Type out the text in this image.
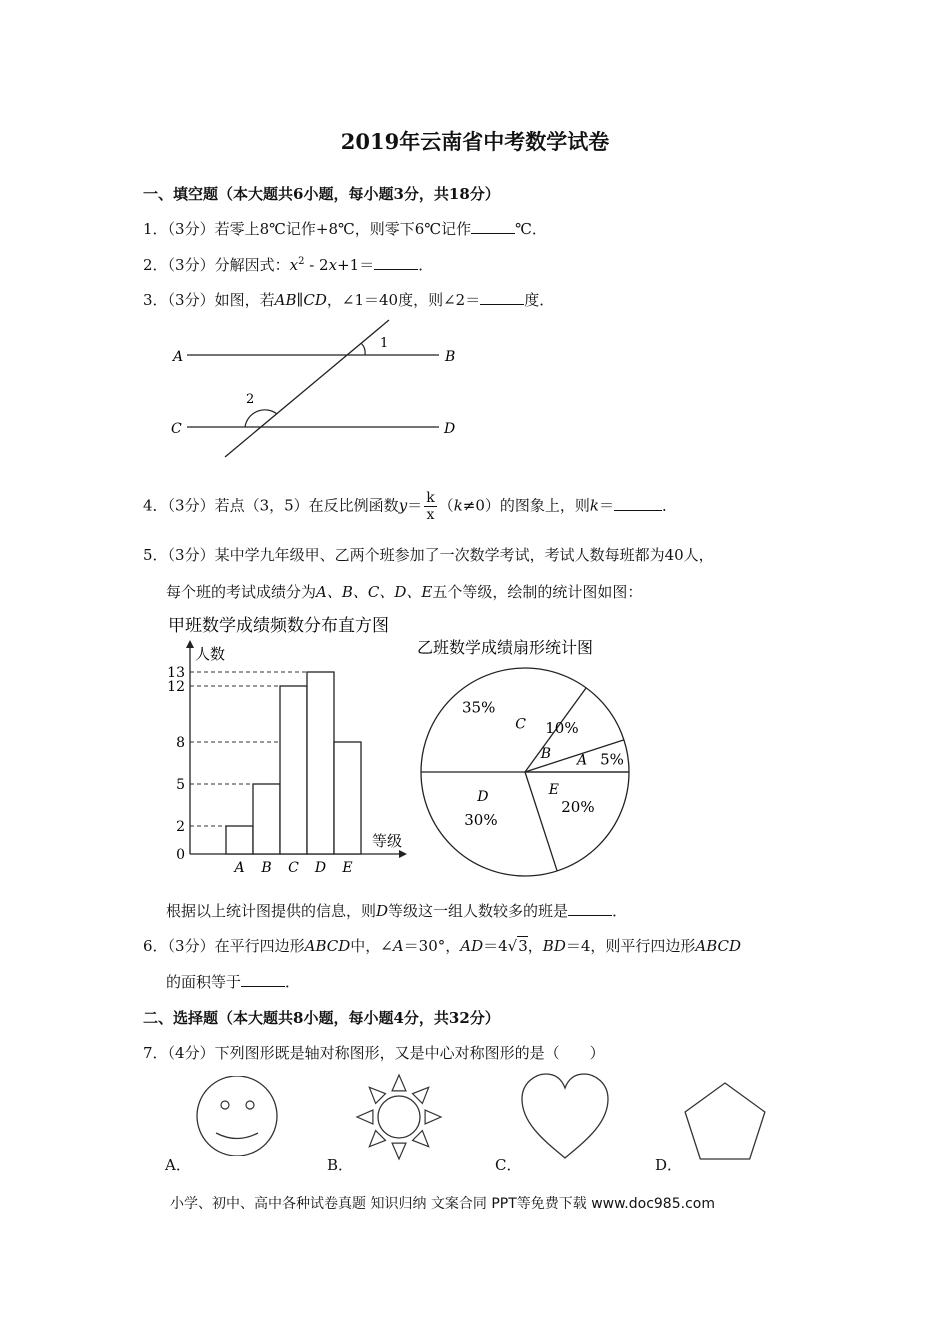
2019年云南省中考数学试卷
一、填空题（本大题共6小题，每小题3分，共18分）
1．（3分）若零上8℃记作+8℃，则零下6℃记作	℃．
2．（3分）分解因式：$x^2 - 2x+1=$	．
3．（3分）如图，若AB∥CD，∠1＝40度，则∠2＝	度．
A	B
C	D
1
2
4．（3分）若点（3，5）在反比例函数$y= \frac{k}{x} (k\ne 0)$的图象上，则k＝	．
5．（3分）某中学九年级甲、乙两个班参加了一次数学考试，考试人数每班都为40人，
每个班的考试成绩分为A、B、C、D、E五个等级，绘制的统计图如图：
甲班数学成绩频数分布直方图
人数
等级
0
2
5
8
12
13
A B C D E
乙班数学成绩扇形统计图
A 5%
B
10%
C
35%
D
30%
E
20%
根据以上统计图提供的信息，则D等级这一组人数较多的班是	．
6．（3分）在平行四边形ABCD中，∠A＝30°，AD＝4√3，BD＝4，则平行四边形ABCD
的面积等于	．
二、选择题（本大题共8小题，每小题4分，共32分）
7．（4分）下列图形既是轴对称图形，又是中心对称图形的是（　　）
A．	B．	C．	D．
小学、初中、高中各种试卷真题 知识归纳 文案合同 PPT等免费下载 www.doc985.com
